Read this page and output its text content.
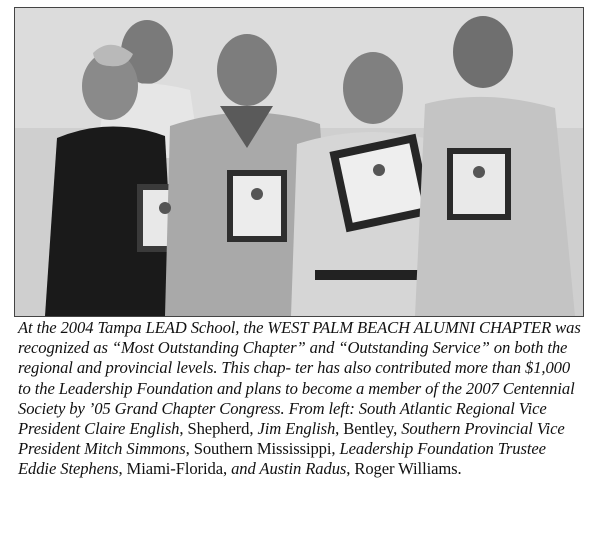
At the 2004 Tampa LEAD School, the WEST PALM BEACH ALUMNI CHAPTER was recognized as “Most Outstanding Chapter” and “Outstanding Service” on both the regional and provincial levels. This chap- ter has also contributed more than $1,000 to the Leadership Foundation and plans to become a member of the 2007 Centennial Society by ’05 Grand Chapter Congress. From left: South Atlantic Regional Vice President Claire English, Shepherd, Jim English, Bentley, Southern Provincial Vice President Mitch Simmons, Southern Mississippi, Leadership Foundation Trustee Eddie Stephens, Miami-Florida, and Austin Radus, Roger Williams.
